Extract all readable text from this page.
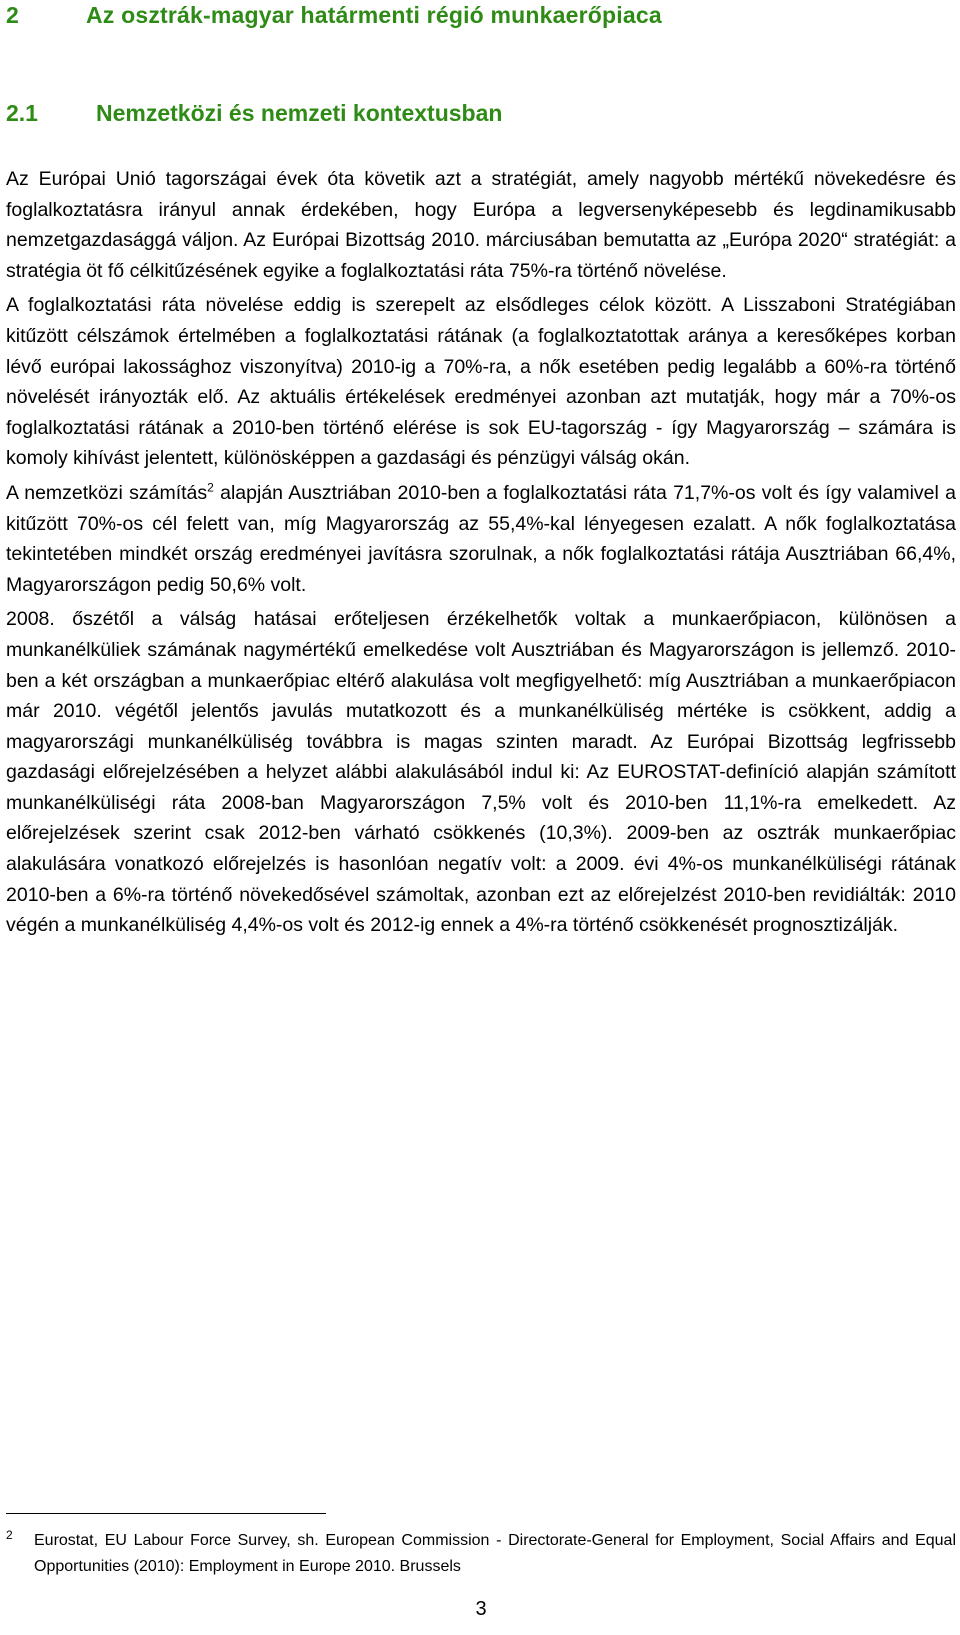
2	Az osztrák-magyar határmenti régió munkaerőpiaca
2.1	Nemzetközi és nemzeti kontextusban

Az Európai Unió tagországai évek óta követik azt a stratégiát, amely nagyobb mértékű növekedésre és foglalkoztatásra irányul annak érdekében, hogy Európa a legversenyképesebb és legdinamikusabb nemzetgazdasággá váljon. Az Európai Bizottság 2010. márciusában bemutatta az „Európa 2020“ stratégiát: a stratégia öt fő célkitűzésének egyike a foglalkoztatási ráta 75%-ra történő növelése.

A foglalkoztatási ráta növelése eddig is szerepelt az elsődleges célok között. A Lisszaboni Stratégiában kitűzött célszámok értelmében a foglalkoztatási rátának (a foglalkoztatottak aránya a keresőképes korban lévő európai lakossághoz viszonyítva) 2010-ig a 70%-ra, a nők esetében pedig legalább a 60%-ra történő növelését irányozták elő. Az aktuális értékelések eredményei azonban azt mutatják, hogy már a 70%-os foglalkoztatási rátának a 2010-ben történő elérése is sok EU-tagország - így Magyarország – számára is komoly kihívást jelentett, különösképpen a gazdasági és pénzügyi válság okán.

A nemzetközi számítás$^2$ alapján Ausztriában 2010-ben a foglalkoztatási ráta 71,7%-os volt és így valamivel a kitűzött 70%-os cél felett van, míg Magyarország az 55,4%-kal lényegesen ezalatt. A nők foglalkoztatása tekintetében mindkét ország eredményei javításra szorulnak, a nők foglalkoztatási rátája Ausztriában 66,4%, Magyarországon pedig 50,6% volt.

2008. őszétől a válság hatásai erőteljesen érzékelhetők voltak a munkaerőpiacon, különösen a munkanélküliek számának nagymértékű emelkedése volt Ausztriában és Magyarországon is jellemző. 2010-ben a két országban a munkaerőpiac eltérő alakulása volt megfigyelhető: míg Ausztriában a munkaerőpiacon már 2010. végétől jelentős javulás mutatkozott és a munkanélküliség mértéke is csökkent, addig a magyarországi munkanélküliség továbbra is magas szinten maradt. Az Európai Bizottság legfrissebb gazdasági előrejelzésében a helyzet alábbi alakulásából indul ki: Az EUROSTAT-definíció alapján számított munkanélküliségi ráta 2008-ban Magyarországon 7,5% volt és 2010-ben 11,1%-ra emelkedett. Az előrejelzések szerint csak 2012-ben várható csökkenés (10,3%). 2009-ben az osztrák munkaerőpiac alakulására vonatkozó előrejelzés is hasonlóan negatív volt: a 2009. évi 4%-os munkanélküliségi rátának 2010-ben a 6%-ra történő növekedősével számoltak, azonban ezt az előrejelzést 2010-ben revidiálták: 2010 végén a munkanélküliség 4,4%-os volt és 2012-ig ennek a 4%-ra történő csökkenését prognosztizálják.

2	Eurostat, EU Labour Force Survey, sh. European Commission - Directorate-General for Employment, Social Affairs and Equal Opportunities (2010): Employment in Europe 2010. Brussels
3
